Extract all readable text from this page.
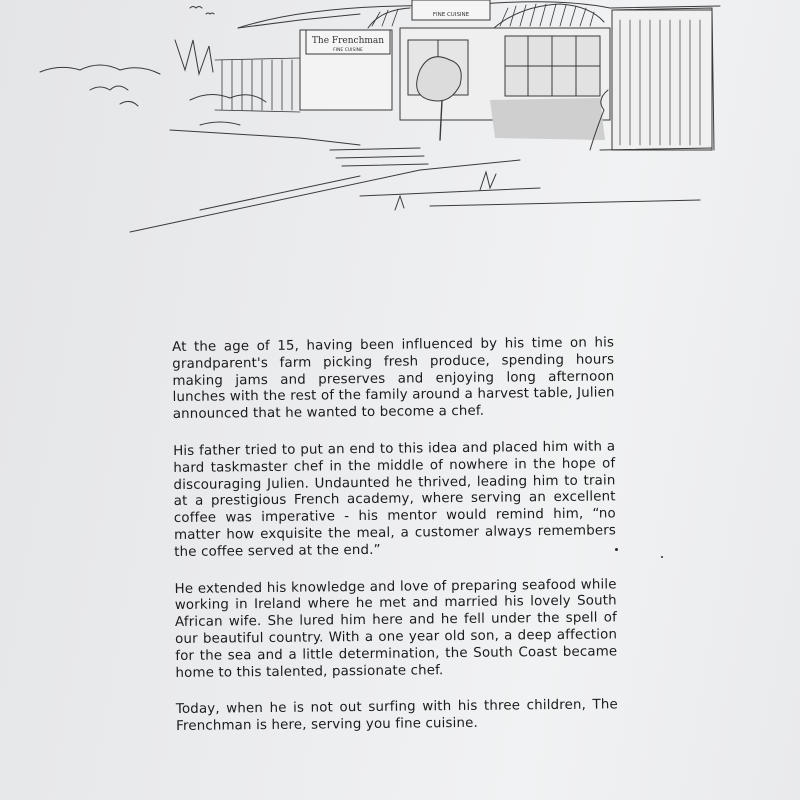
FINE CUISINE
The Frenchman
FINE CUISINE

At the age of 15, having been influenced by his time on his grandparent's farm picking fresh produce, spending hours making jams and preserves and enjoying long afternoon lunches with the rest of the family around a harvest table, Julien announced that he wanted to become a chef.

His father tried to put an end to this idea and placed him with a hard taskmaster chef in the middle of nowhere in the hope of discouraging Julien. Undaunted he thrived, leading him to train at a prestigious French academy, where serving an excellent coffee was imperative - his mentor would remind him, “no matter how exquisite the meal, a customer always remembers the coffee served at the end.”

He extended his knowledge and love of preparing seafood while working in Ireland where he met and married his lovely South African wife. She lured him here and he fell under the spell of our beautiful country. With a one year old son, a deep affection for the sea and a little determination, the South Coast became home to this talented, passionate chef.

Today, when he is not out surfing with his three children, The Frenchman is here, serving you fine cuisine.
